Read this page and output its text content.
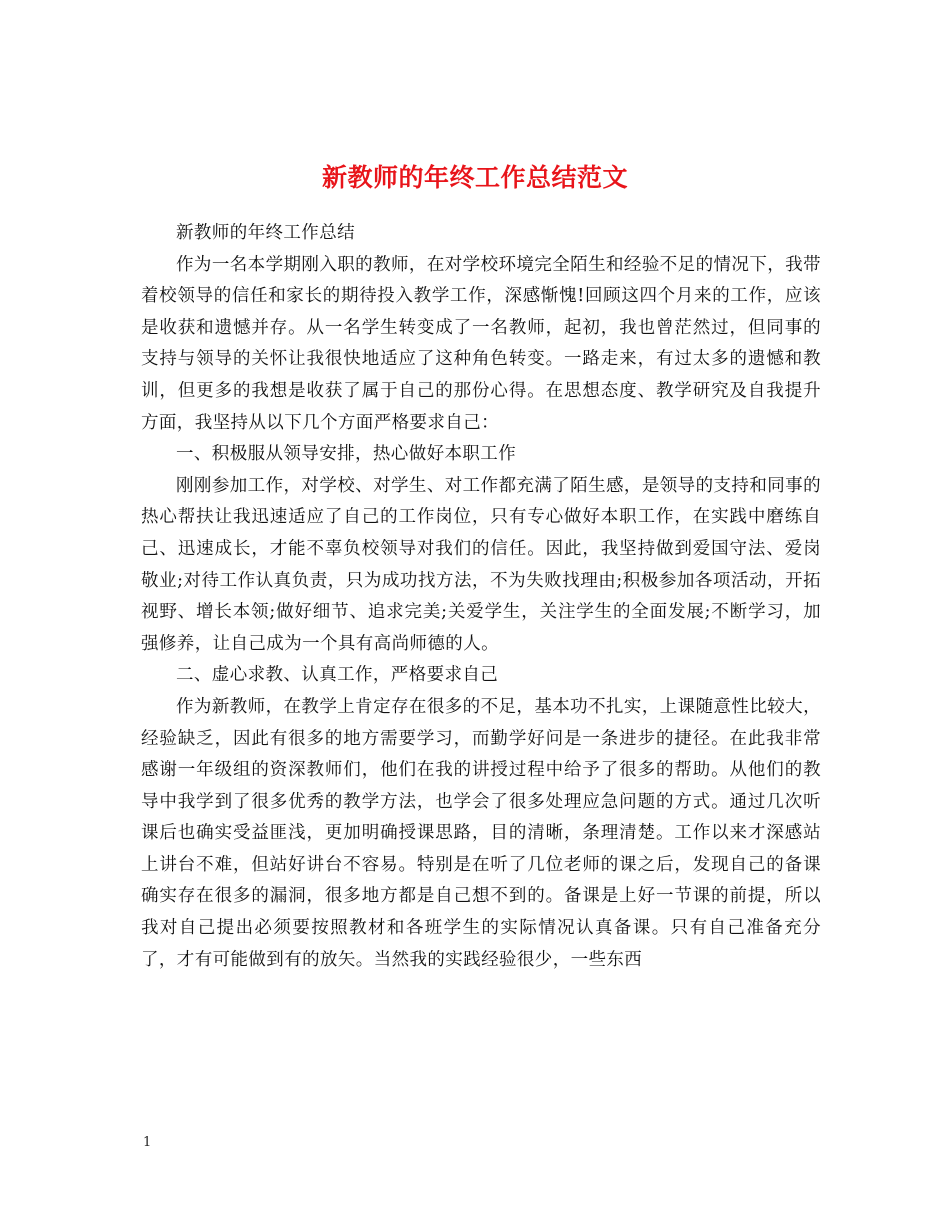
新教师的年终工作总结范文

新教师的年终工作总结

作为一名本学期刚入职的教师，在对学校环境完全陌生和经验不足的情况下，我带着校领导的信任和家长的期待投入教学工作，深感惭愧!回顾这四个月来的工作，应该是收获和遗憾并存。从一名学生转变成了一名教师，起初，我也曾茫然过，但同事的支持与领导的关怀让我很快地适应了这种角色转变。一路走来，有过太多的遗憾和教训，但更多的我想是收获了属于自己的那份心得。在思想态度、教学研究及自我提升方面，我坚持从以下几个方面严格要求自己：

一、积极服从领导安排，热心做好本职工作

刚刚参加工作，对学校、对学生、对工作都充满了陌生感，是领导的支持和同事的热心帮扶让我迅速适应了自己的工作岗位，只有专心做好本职工作，在实践中磨练自己、迅速成长，才能不辜负校领导对我们的信任。因此，我坚持做到爱国守法、爱岗敬业;对待工作认真负责，只为成功找方法，不为失败找理由;积极参加各项活动，开拓视野、增长本领;做好细节、追求完美;关爱学生，关注学生的全面发展;不断学习，加强修养，让自己成为一个具有高尚师德的人。

二、虚心求教、认真工作，严格要求自己

作为新教师，在教学上肯定存在很多的不足，基本功不扎实，上课随意性比较大，经验缺乏，因此有很多的地方需要学习，而勤学好问是一条进步的捷径。在此我非常感谢一年级组的资深教师们，他们在我的讲授过程中给予了很多的帮助。从他们的教导中我学到了很多优秀的教学方法，也学会了很多处理应急问题的方式。通过几次听课后也确实受益匪浅，更加明确授课思路，目的清晰，条理清楚。工作以来才深感站上讲台不难，但站好讲台不容易。特别是在听了几位老师的课之后，发现自己的备课确实存在很多的漏洞，很多地方都是自己想不到的。备课是上好一节课的前提，所以我对自己提出必须要按照教材和各班学生的实际情况认真备课。只有自己准备充分了，才有可能做到有的放矢。当然我的实践经验很少，一些东西

1
